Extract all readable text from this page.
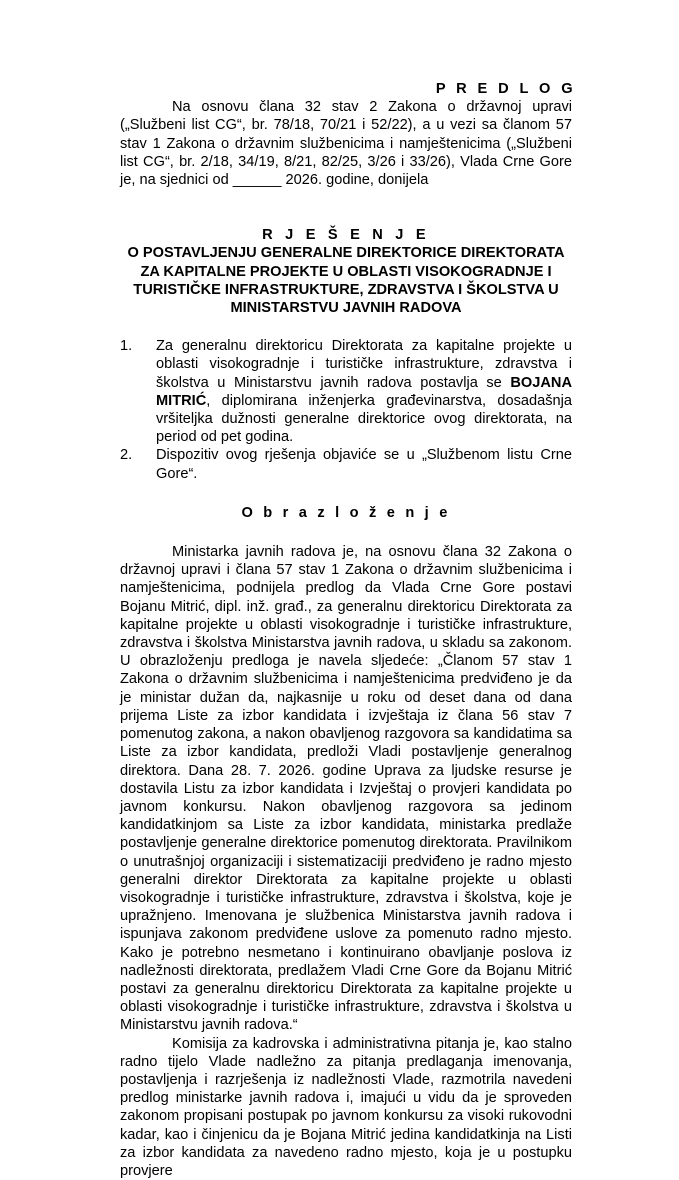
P R E D L O G

Na osnovu člana 32 stav 2 Zakona o državnoj upravi („Službeni list CG“, br. 78/18, 70/21 i 52/22), a u vezi sa članom 57 stav 1 Zakona o državnim službenicima i namještenicima („Službeni list CG“, br. 2/18, 34/19, 8/21, 82/25, 3/26 i 33/26), Vlada Crne Gore je, na sjednici od ______ 2026. godine, donijela

R J E Š E N J E

O POSTAVLJENJU GENERALNE DIREKTORICE DIREKTORATA ZA KAPITALNE PROJEKTE U OBLASTI VISOKOGRADNJE I TURISTIČKE INFRASTRUKTURE, ZDRAVSTVA I ŠKOLSTVA U MINISTARSTVU JAVNIH RADOVA

1. Za generalnu direktoricu Direktorata za kapitalne projekte u oblasti visokogradnje i turističke infrastrukture, zdravstva i školstva u Ministarstvu javnih radova postavlja se BOJANA MITRIĆ, diplomirana inženjerka građevinarstva, dosadašnja vršiteljka dužnosti generalne direktorice ovog direktorata, na period od pet godina.
2. Dispozitiv ovog rješenja objaviće se u „Službenom listu Crne Gore“.

O b r a z l o ž e n j e

Ministarka javnih radova je, na osnovu člana 32 Zakona o državnoj upravi i člana 57 stav 1 Zakona o državnim službenicima i namještenicima, podnijela predlog da Vlada Crne Gore postavi Bojanu Mitrić, dipl. inž. građ., za generalnu direktoricu Direktorata za kapitalne projekte u oblasti visokogradnje i turističke infrastrukture, zdravstva i školstva Ministarstva javnih radova, u skladu sa zakonom. U obrazloženju predloga je navela sljedeće: „Članom 57 stav 1 Zakona o državnim službenicima i namještenicima predviđeno je da je ministar dužan da, najkasnije u roku od deset dana od dana prijema Liste za izbor kandidata i izvještaja iz člana 56 stav 7 pomenutog zakona, a nakon obavljenog razgovora sa kandidatima sa Liste za izbor kandidata, predloži Vladi postavljenje generalnog direktora. Dana 28. 7. 2026. godine Uprava za ljudske resurse je dostavila Listu za izbor kandidata i Izvještaj o provjeri kandidata po javnom konkursu. Nakon obavljenog razgovora sa jedinom kandidatkinjom sa Liste za izbor kandidata, ministarka predlaže postavljenje generalne direktorice pomenutog direktorata. Pravilnikom o unutrašnjoj organizaciji i sistematizaciji predviđeno je radno mjesto generalni direktor Direktorata za kapitalne projekte u oblasti visokogradnje i turističke infrastrukture, zdravstva i školstva, koje je upražnjeno. Imenovana je službenica Ministarstva javnih radova i ispunjava zakonom predviđene uslove za pomenuto radno mjesto. Kako je potrebno nesmetano i kontinuirano obavljanje poslova iz nadležnosti direktorata, predlažem Vladi Crne Gore da Bojanu Mitrić postavi za generalnu direktoricu Direktorata za kapitalne projekte u oblasti visokogradnje i turističke infrastrukture, zdravstva i školstva u Ministarstvu javnih radova.“

Komisija za kadrovska i administrativna pitanja je, kao stalno radno tijelo Vlade nadležno za pitanja predlaganja imenovanja, postavljenja i razrješenja iz nadležnosti Vlade, razmotrila navedeni predlog ministarke javnih radova i, imajući u vidu da je sproveden zakonom propisani postupak po javnom konkursu za visoki rukovodni kadar, kao i činjenicu da je Bojana Mitrić jedina kandidatkinja na Listi za izbor kandidata za navedeno radno mjesto, koja je u postupku provjere
